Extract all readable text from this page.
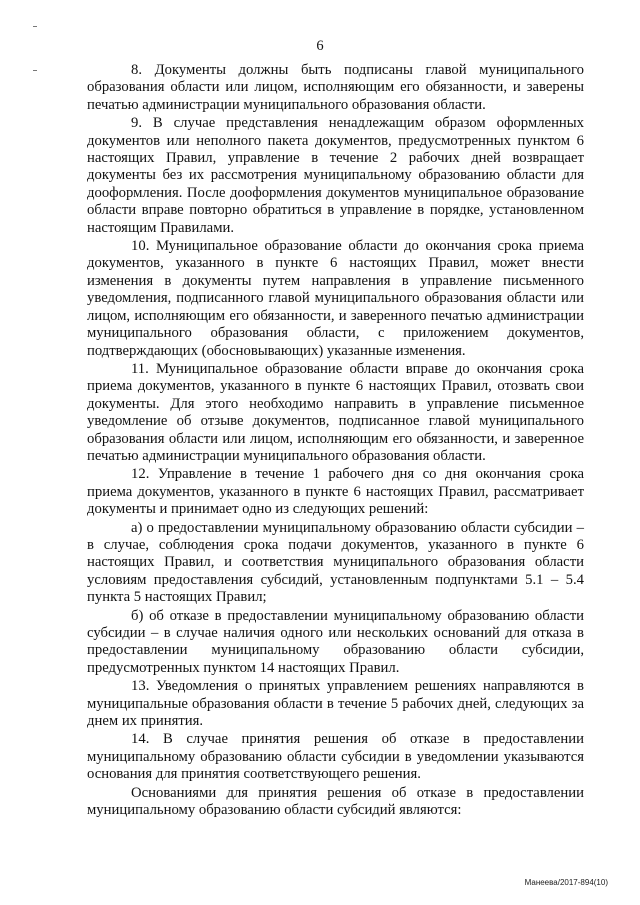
6

8. Документы должны быть подписаны главой муниципального образования области или лицом, исполняющим его обязанности, и заверены печатью администрации муниципального образования области.

9. В случае представления ненадлежащим образом оформленных документов или неполного пакета документов, предусмотренных пунктом 6 настоящих Правил, управление в течение 2 рабочих дней возвращает документы без их рассмотрения муниципальному образованию области для дооформления. После дооформления документов муниципальное образование области вправе повторно обратиться в управление в порядке, установленном настоящим Правилами.

10. Муниципальное образование области до окончания срока приема документов, указанного в пункте 6 настоящих Правил, может внести изменения в документы путем направления в управление письменного уведомления, подписанного главой муниципального образования области или лицом, исполняющим его обязанности, и заверенного печатью администрации муниципального образования области, с приложением документов, подтверждающих (обосновывающих) указанные изменения.

11. Муниципальное образование области вправе до окончания срока приема документов, указанного в пункте 6 настоящих Правил, отозвать свои документы. Для этого необходимо направить в управление письменное уведомление об отзыве документов, подписанное главой муниципального образования области или лицом, исполняющим его обязанности, и заверенное печатью администрации муниципального образования области.

12. Управление в течение 1 рабочего дня со дня окончания срока приема документов, указанного в пункте 6 настоящих Правил, рассматривает документы и принимает одно из следующих решений:

а) о предоставлении муниципальному образованию области субсидии – в случае, соблюдения срока подачи документов, указанного в пункте 6 настоящих Правил, и соответствия муниципального образования области условиям предоставления субсидий, установленным подпунктами 5.1 – 5.4 пункта 5 настоящих Правил;

б) об отказе в предоставлении муниципальному образованию области субсидии – в случае наличия одного или нескольких оснований для отказа в предоставлении муниципальному образованию области субсидии, предусмотренных пунктом 14 настоящих Правил.

13. Уведомления о принятых управлением решениях направляются в муниципальные образования области в течение 5 рабочих дней, следующих за днем их принятия.

14. В случае принятия решения об отказе в предоставлении муниципальному образованию области субсидии в уведомлении указываются основания для принятия соответствующего решения.

Основаниями для принятия решения об отказе в предоставлении муниципальному образованию области субсидий являются:

Манеева/2017-894(10)
